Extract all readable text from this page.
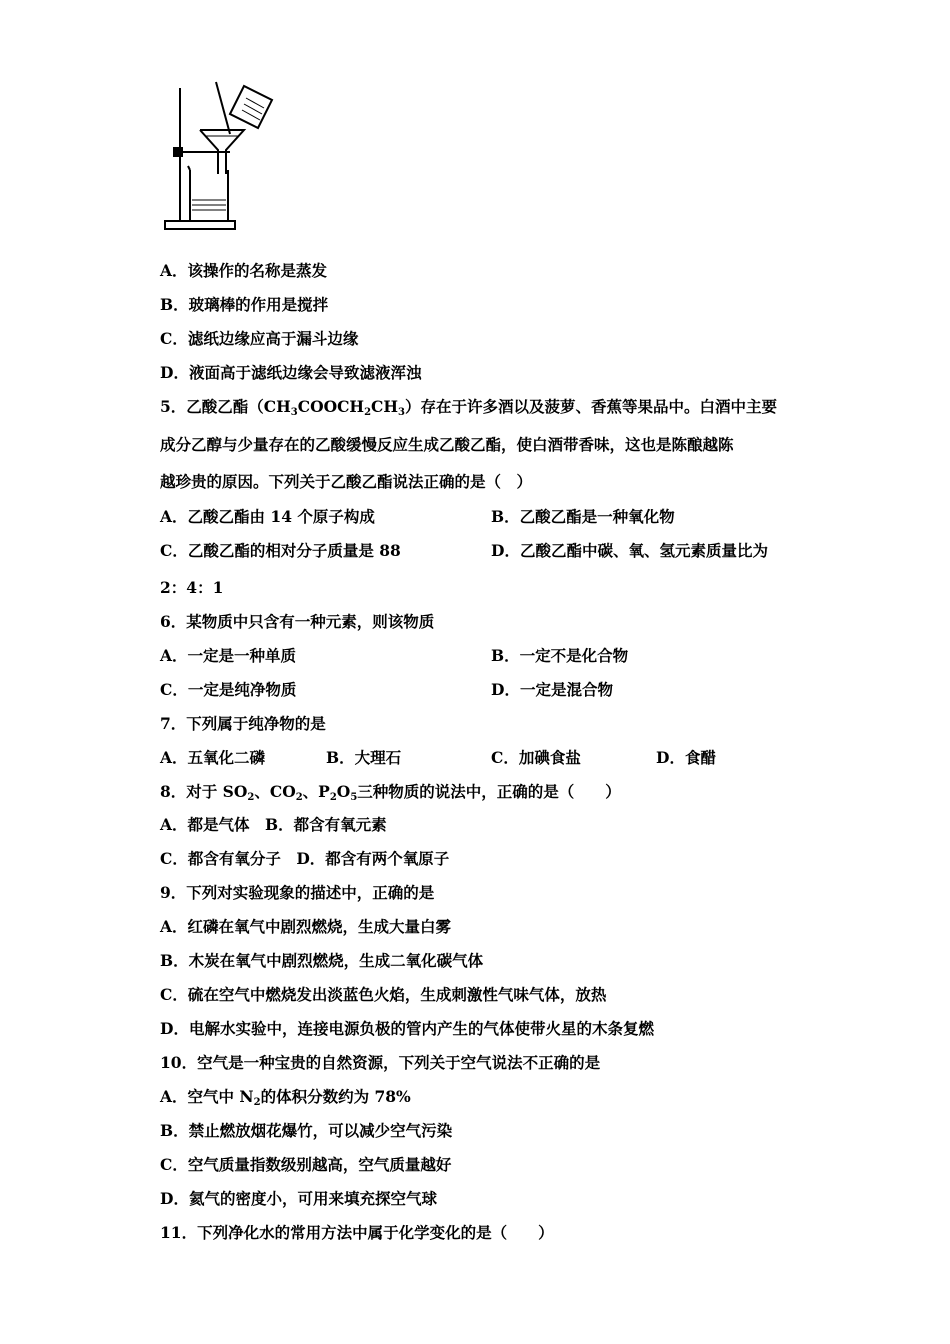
A．该操作的名称是蒸发
B．玻璃棒的作用是搅拌
C．滤纸边缘应高于漏斗边缘
D．液面高于滤纸边缘会导致滤液浑浊
5．乙酸乙酯$(CH_3COOCH_2CH_3)$存在于许多酒以及菠萝、香蕉等果品中。白酒中主要
成分乙醇与少量存在的乙酸缓慢反应生成乙酸乙酯，使白酒带香味，这也是陈酿越陈
越珍贵的原因。下列关于乙酸乙酯说法正确的是（　）
A．乙酸乙酯由 14 个原子构成	B．乙酸乙酯是一种氧化物
C．乙酸乙酯的相对分子质量是 88	D．乙酸乙酯中碳、氧、氢元素质量比为
2：4：1
6．某物质中只含有一种元素，则该物质
A．一定是一种单质	B．一定不是化合物
C．一定是纯净物质	D．一定是混合物
7．下列属于纯净物的是
A．五氧化二磷	B．大理石	C．加碘食盐	D．食醋
8．对于 $SO_2$、$CO_2$、$P_2O_5$三种物质的说法中，正确的是（　　）
A．都是气体　B．都含有氧元素
C．都含有氧分子　D．都含有两个氧原子
9．下列对实验现象的描述中，正确的是
A．红磷在氧气中剧烈燃烧，生成大量白雾
B．木炭在氧气中剧烈燃烧，生成二氧化碳气体
C．硫在空气中燃烧发出淡蓝色火焰，生成刺激性气味气体，放热
D．电解水实验中，连接电源负极的管内产生的气体使带火星的木条复燃
10．空气是一种宝贵的自然资源，下列关于空气说法不正确的是
A．空气中 $N_2$的体积分数约为 78%
B．禁止燃放烟花爆竹，可以减少空气污染
C．空气质量指数级别越高，空气质量越好
D．氦气的密度小，可用来填充探空气球
11．下列净化水的常用方法中属于化学变化的是（　　）
